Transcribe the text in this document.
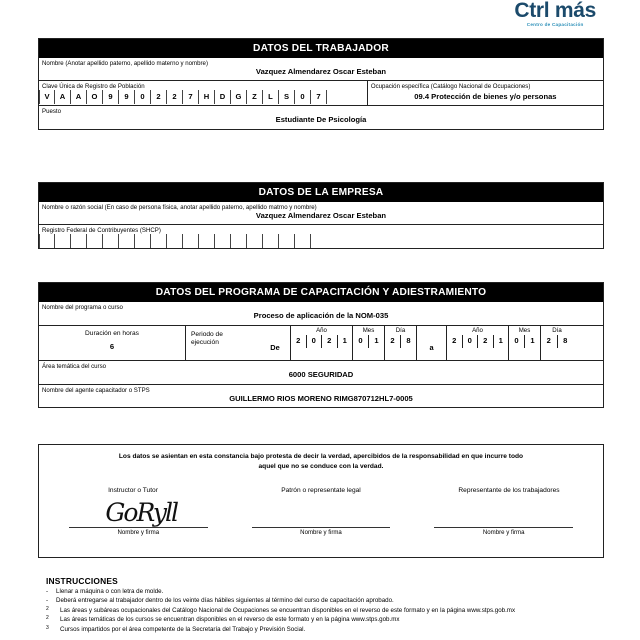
Ctrl más
Centro de Capacitación
DATOS DEL TRABAJADOR
Nombre (Anotar apellido paterno, apellido materno y nombre)
Vazquez Almendarez Oscar Esteban
Clave Única de Registro de Población
V	A	A	O	9	9	0	2	2	7	H	D	G	Z	L	S	0	7
Ocupación específica (Catálogo Nacional de Ocupaciones)
09.4 Protección de bienes y/o personas
Puesto
Estudiante De Psicología
DATOS DE LA EMPRESA
Nombre o razón social (En caso de persona física, anotar apellido paterno, apellido matrno y nombre)
Vazquez Almendarez Oscar Esteban
Registro Federal de Contribuyentes (SHCP)
DATOS DEL PROGRAMA DE CAPACITACIÓN Y ADIESTRAMIENTO
Nombre del programa o curso
Proceso de aplicación de la NOM-035
Duración en horas
6
Periodo de
ejecución
De
Año
2	0	2	1
Mes
0	1
Día
2	8
a
Año
2	0	2	1
Mes
0	1
Día
2	8
Área temática del curso
6000 SEGURIDAD
Nombre del agente capacitador o STPS
GUILLERMO RIOS MORENO RIMG870712HL7-0005
Los datos se asientan en esta constancia bajo protesta de decir la verdad, apercibidos de la responsabilidad en que incurre todo
aquel que no se conduce con la verdad.
Instructor o Tutor	Patrón o representate legal	Representante de los trabajadores
GoRyll
Nombre y firma	Nombre y firma	Nombre y firma
INSTRUCCIONES
- Llenar a máquina o con letra de molde.
- Deberá entregarse al trabajador dentro de los veinte días hábiles siguientes al término del curso de capacitación aprobado.
2 Las áreas y subáreas ocupacionales del Catálogo Nacional de Ocupaciones se encuentran disponibles en el reverso de este formato y en la página www.stps.gob.mx
2 Las áreas temáticas de los cursos se encuentran disponibles en el reverso de este formato y en la página www.stps.gob.mx
3 Cursos impartidos por el área competente de la Secretaría del Trabajo y Previsión Social.
